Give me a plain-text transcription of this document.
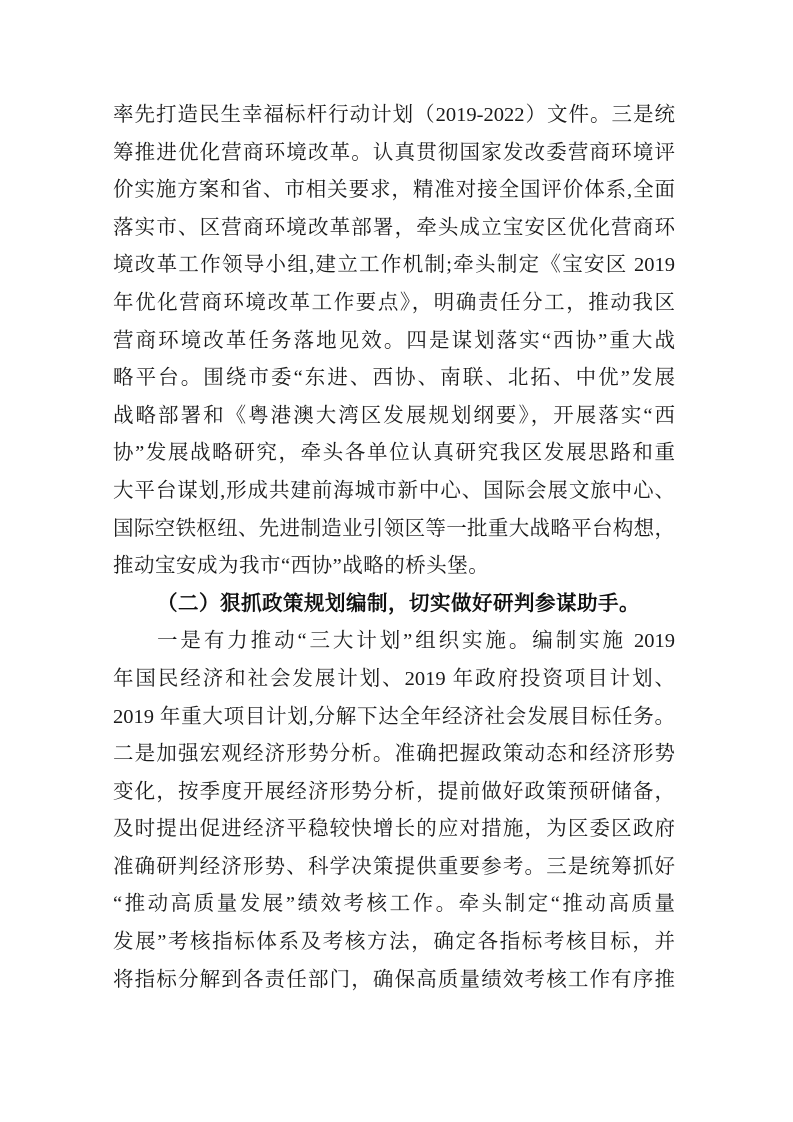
率先打造民生幸福标杆行动计划（2019-2022）文件。三是统
筹推进优化营商环境改革。认真贯彻国家发改委营商环境评
价实施方案和省、市相关要求，精准对接全国评价体系,全面
落实市、区营商环境改革部署，牵头成立宝安区优化营商环
境改革工作领导小组,建立工作机制;牵头制定《宝安区 2019
年优化营商环境改革工作要点》，明确责任分工，推动我区
营商环境改革任务落地见效。四是谋划落实“西协”重大战
略平台。围绕市委“东进、西协、南联、北拓、中优”发展
战略部署和《粤港澳大湾区发展规划纲要》，开展落实“西
协”发展战略研究，牵头各单位认真研究我区发展思路和重
大平台谋划,形成共建前海城市新中心、国际会展文旅中心、
国际空铁枢纽、先进制造业引领区等一批重大战略平台构想，
推动宝安成为我市“西协”战略的桥头堡。
（二）狠抓政策规划编制，切实做好研判参谋助手。
一是有力推动“三大计划”组织实施。编制实施 2019
年国民经济和社会发展计划、2019 年政府投资项目计划、
2019 年重大项目计划,分解下达全年经济社会发展目标任务。
二是加强宏观经济形势分析。准确把握政策动态和经济形势
变化，按季度开展经济形势分析，提前做好政策预研储备，
及时提出促进经济平稳较快增长的应对措施，为区委区政府
准确研判经济形势、科学决策提供重要参考。三是统筹抓好
“推动高质量发展”绩效考核工作。牵头制定“推动高质量
发展”考核指标体系及考核方法，确定各指标考核目标，并
将指标分解到各责任部门，确保高质量绩效考核工作有序推
